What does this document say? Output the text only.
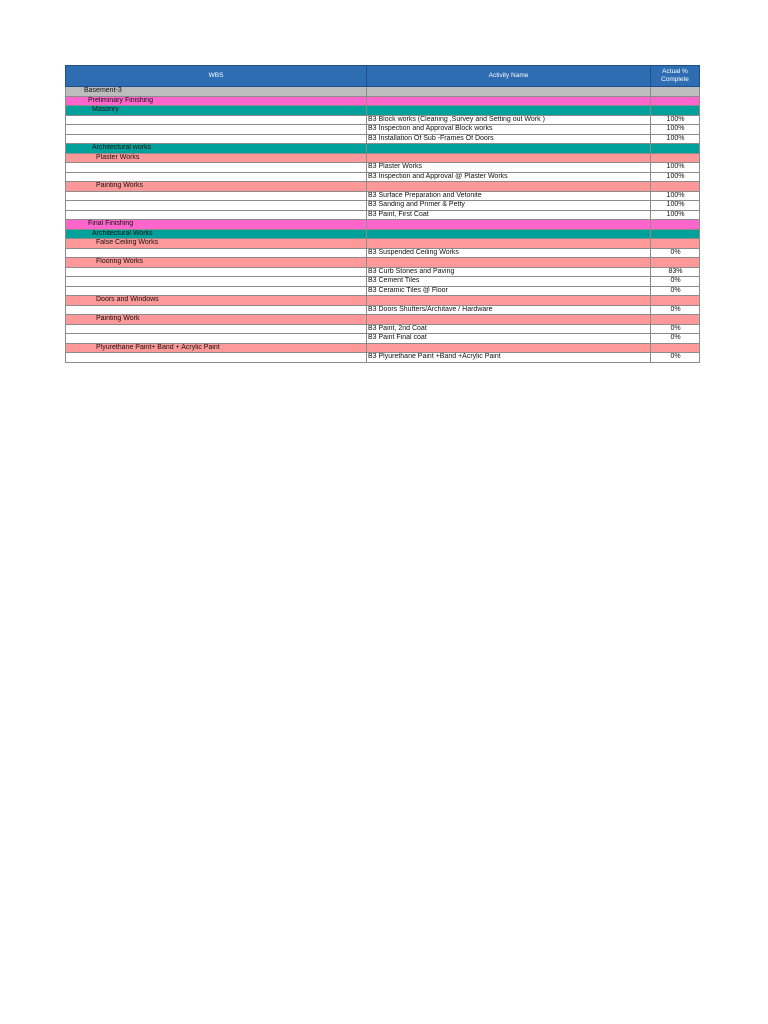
WBS	Activity Name	Actual % Complete
Basement-3		
Preliminary Finishing		
Masonry		
	B3 Block works (Cleaning ,Survey and Setting out Work )	100%
	B3 Inspection and Approval Block works	100%
	B3 Installation Of Sub -Frames Of Doors	100%
Architectural works		
Plaster Works		
	B3 Plaster Works	100%
	B3 Inspection and Approval @ Plaster Works	100%
Painting Works		
	B3 Surface Preparation and Vetonite	100%
	B3 Sanding and Primer & Petty	100%
	B3 Paint, First Coat	100%
Final Finishing		
Architectural Works		
False Ceiling Works		
	B3 Suspended Ceiling Works	0%
Flooring Works		
	B3 Curb Stones and Paving	83%
	B3 Cement Tiles	0%
	B3 Ceramic Tiles @ Floor	0%
Doors and Windows		
	B3 Doors Shutters/Architave / Hardware	0%
Painting Work		
	B3 Paint, 2nd Coat	0%
	B3 Paint Final coat	0%
Plyurethane Paint+ Band + Acrylic Paint		
	B3 Plyurethane Paint +Band +Acrylic Paint	0%
